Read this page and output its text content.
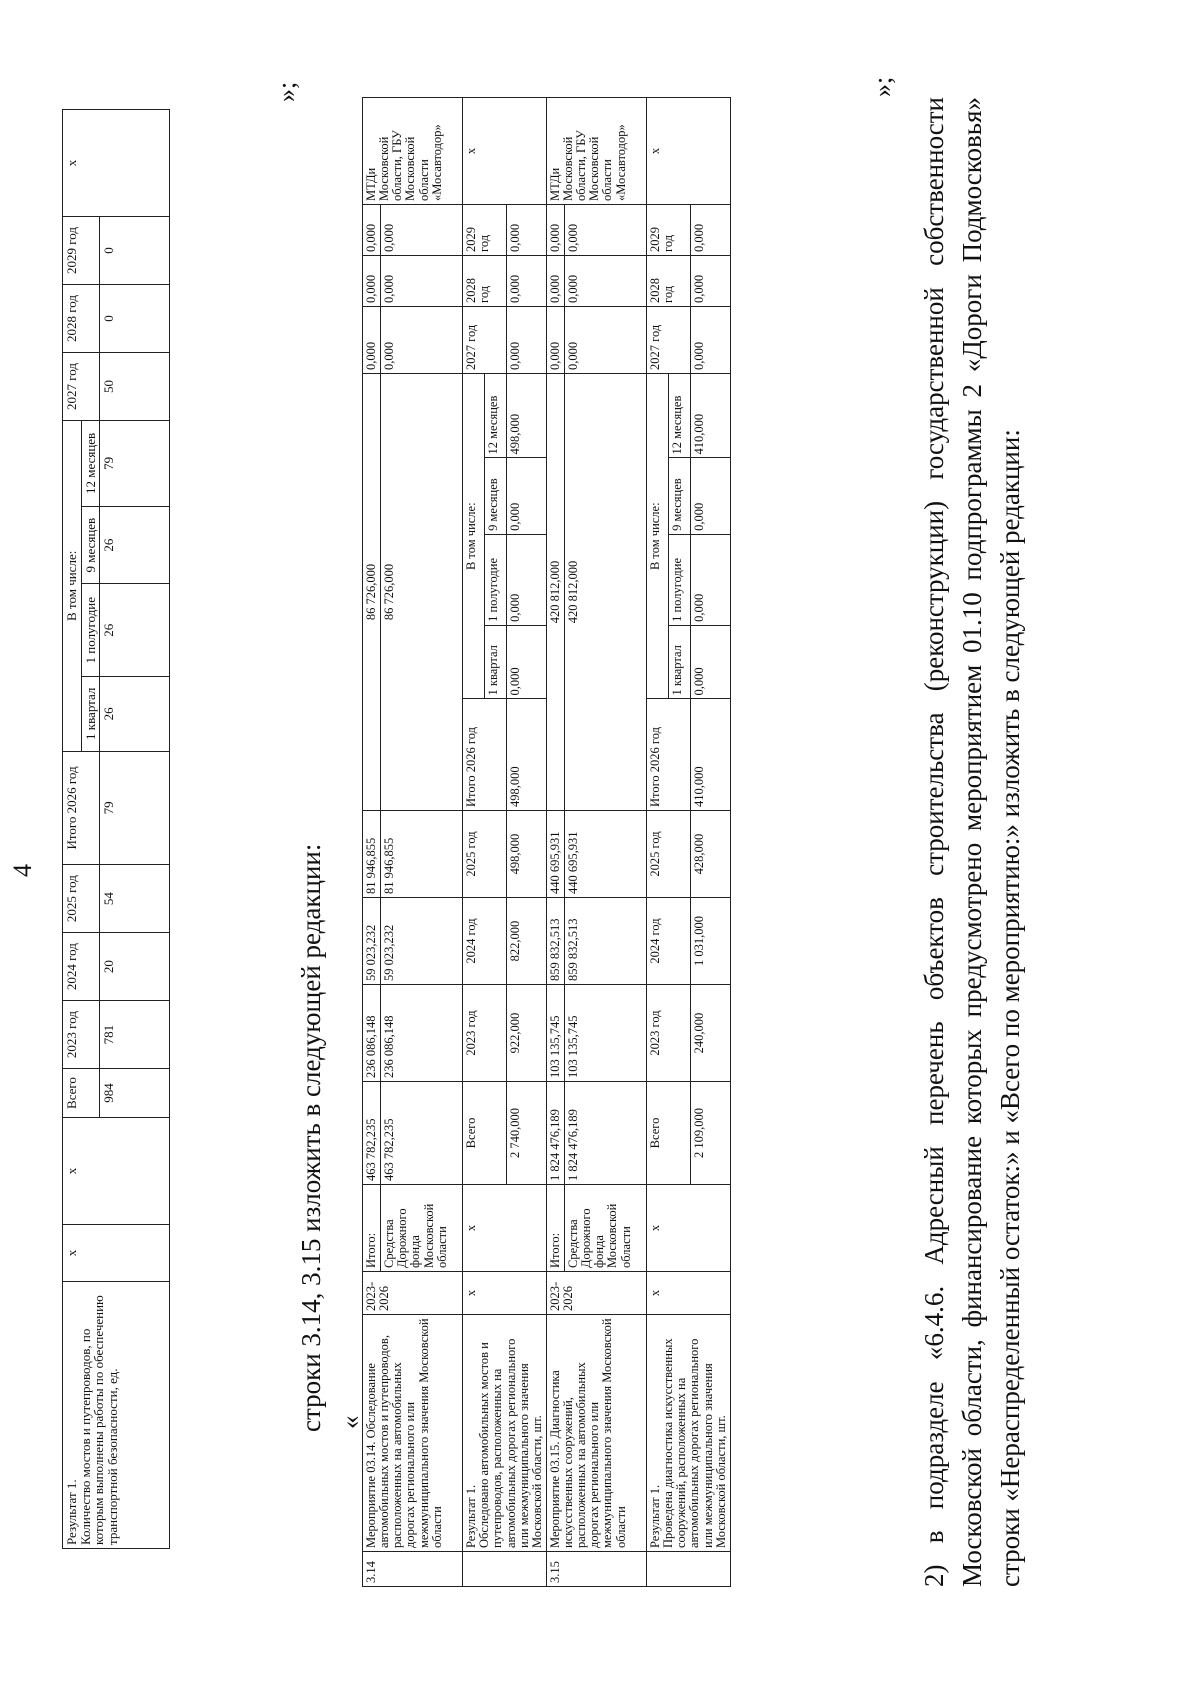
4
Результат 1.
Количество мостов и путепроводов, по которым выполнены работы по обеспечению транспортной безопасности, ед.	х	х	Всего	2023 год	2024 год	2025 год	Итого 2026 год	В том числе:				2027 год	2028 год	2029 год	х
								1 квартал	1 полугодие	9 месяцев	12 месяцев				
			984	781	20	54	79	26	26	26	79	50	0	0	
»;
строки 3.14, 3.15 изложить в следующей редакции: «
3.14	Мероприятие 03.14. Обследование автомобильных мостов и путепроводов, расположенных на автомобильных дорогах регионального или межмуниципального значения Московской области	2023-2026	Итого:	463 782,235	236 086,148	59 023,232	81 946,855	86 726,000					0,000	0,000	0,000	МТДи Московской области, ГБУ Московской области «Мосавтодор»
			Средства Дорожного фонда Московской области	463 782,235	236 086,148	59 023,232	81 946,855	86 726,000					0,000	0,000	0,000	
	Результат 1.
Обследовано автомобильных мостов и путепроводов, расположенных на автомобильных дорогах регионального или межмуниципального значения Московской области, шт.	х	х	Всего	2023 год	2024 год	2025 год	Итого 2026 год	В том числе:				2027 год	2028 год	2029 год	х
									1 квартал	1 полугодие	9 месяцев	12 месяцев				
				2 740,000	922,000	822,000	498,000	498,000	0,000	0,000	0,000	498,000	0,000	0,000	0,000	
3.15	Мероприятие 03.15. Диагностика искусственных сооружений, расположенных на автомобильных дорогах регионального или межмуниципального значения Московской области	2023-2026	Итого:	1 824 476,189	103 135,745	859 832,513	440 695,931	420 812,000					0,000	0,000	0,000	МТДи Московской области, ГБУ Московской области «Мосавтодор»
			Средства Дорожного фонда Московской области	1 824 476,189	103 135,745	859 832,513	440 695,931	420 812,000					0,000	0,000	0,000	
	Результат 1.
Проведена диагностика искусственных сооружений, расположенных на автомобильных дорогах регионального или межмуниципального значения Московской области, шт.	х	х	Всего	2023 год	2024 год	2025 год	Итого 2026 год	В том числе:				2027 год	2028 год	2029 год	х
									1 квартал	1 полугодие	9 месяцев	12 месяцев				
				2 109,000	240,000	1 031,000	428,000	410,000	0,000	0,000	0,000	410,000	0,000	0,000	0,000	
»;
2) в подразделе «6.4.6. Адресный перечень объектов строительства (реконструкции) государственной собственности Московской области, финансирование которых предусмотрено мероприятием 01.10 подпрограммы 2 «Дороги Подмосковья» строки «Нераспределенный остаток:» и «Всего по мероприятию:» изложить в следующей редакции:
